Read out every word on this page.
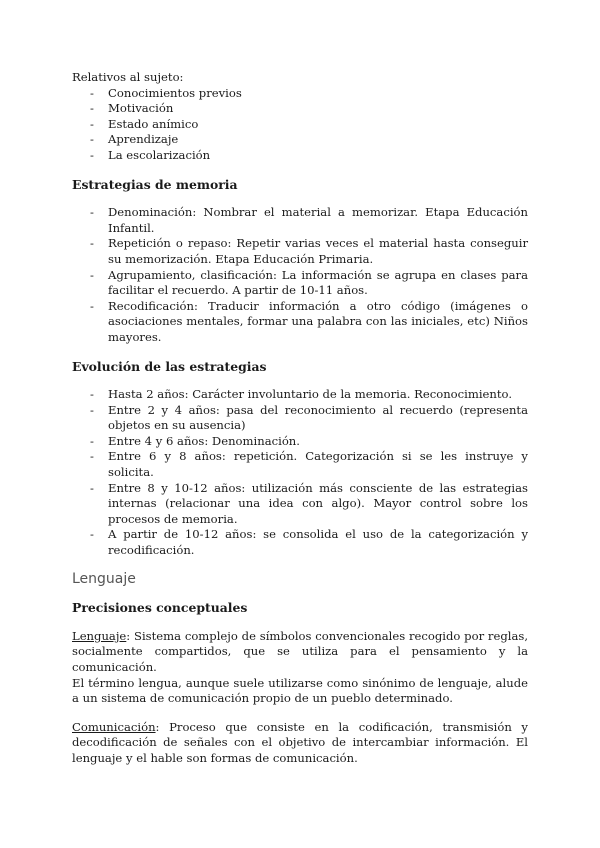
Relativos al sujeto:

- Conocimientos previos
- Motivación
- Estado anímico
- Aprendizaje
- La escolarización

Estrategias de memoria

- Denominación: Nombrar el material a memorizar. Etapa Educación Infantil.
- Repetición o repaso: Repetir varias veces el material hasta conseguir su memorización. Etapa Educación Primaria.
- Agrupamiento, clasificación: La información se agrupa en clases para facilitar el recuerdo. A partir de 10-11 años.
- Recodificación: Traducir información a otro código (imágenes o asociaciones mentales, formar una palabra con las iniciales, etc) Niños mayores.

Evolución de las estrategias

- Hasta 2 años: Carácter involuntario de la memoria. Reconocimiento.
- Entre 2 y 4 años: pasa del reconocimiento al recuerdo (representa objetos en su ausencia)
- Entre 4 y 6 años: Denominación.
- Entre 6 y 8 años: repetición. Categorización si se les instruye y solicita.
- Entre 8 y 10-12 años: utilización más consciente de las estrategias internas (relacionar una idea con algo). Mayor control sobre los procesos de memoria.
- A partir de 10-12 años: se consolida el uso de la categorización y recodificación.

Lenguaje

Precisiones conceptuales

Lenguaje: Sistema complejo de símbolos convencionales recogido por reglas, socialmente compartidos, que se utiliza para el pensamiento y la comunicación.

El término lengua, aunque suele utilizarse como sinónimo de lenguaje, alude a un sistema de comunicación propio de un pueblo determinado.

Comunicación: Proceso que consiste en la codificación, transmisión y decodificación de señales con el objetivo de intercambiar información. El lenguaje y el hable son formas de comunicación.
